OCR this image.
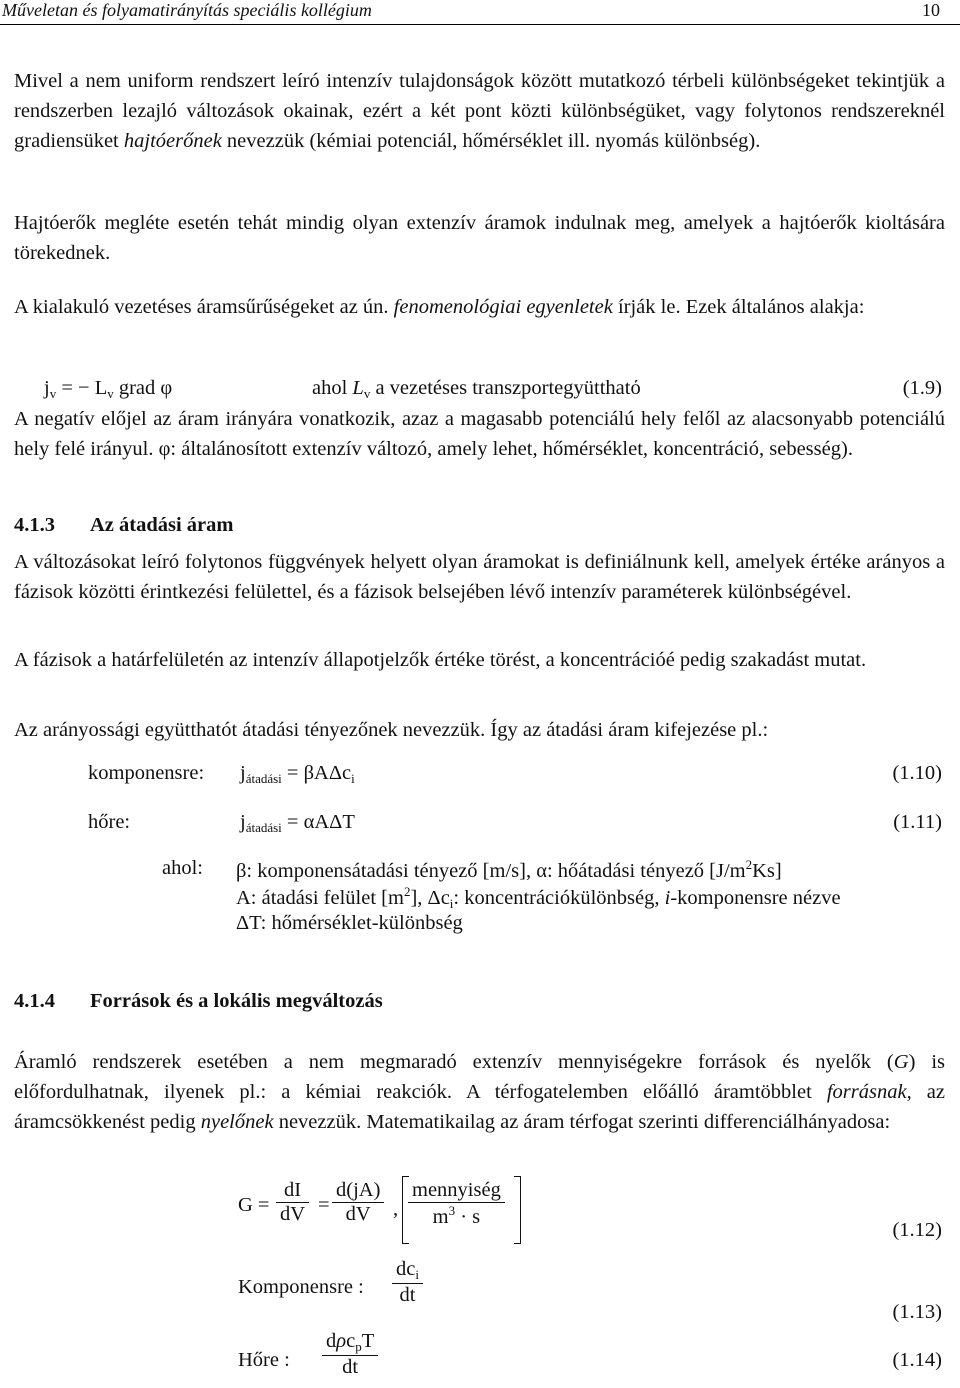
Műveletan és folyamatirányítás speciális kollégium	10

Mivel a nem uniform rendszert leíró intenzív tulajdonságok között mutatkozó térbeli különbségeket tekintjük a rendszerben lezajló változások okainak, ezért a két pont közti különbségüket, vagy folytonos rendszereknél gradiensüket hajtóerőnek nevezzük (kémiai potenciál, hőmérséklet ill. nyomás különbség).

Hajtóerők megléte esetén tehát mindig olyan extenzív áramok indulnak meg, amelyek a hajtóerők kioltására törekednek.

A kialakuló vezetéses áramsűrűségeket az ún. fenomenológiai egyenletek írják le. Ezek általános alakja:

$j_v$ = − $L_v$ grad φ	ahol $L_v$ a vezetéses transzportegyütthatό	(1.9)

A negatív előjel az áram irányára vonatkozik, azaz a magasabb potenciálú hely felől az alacsonyabb potenciálú hely felé irányul. φ: általánosított extenzív változó, amely lehet, hőmérséklet, koncentráció, sebesség).

4.1.3 Az átadási áram

A változásokat leíró folytonos függvények helyett olyan áramokat is definiálnunk kell, amelyek értéke arányos a fázisok közötti érintkezési felülettel, és a fázisok belsejében lévő intenzív paraméterek különbségével.

A fázisok a határfelületén az intenzív állapotjelzők értéke törést, a koncentrációé pedig szakadást mutat.

Az arányossági együtthatót átadási tényezőnek nevezzük. Így az átadási áram kifejezése pl.:

komponensre: $j_{átadási} = \beta A\Delta c_i$	(1.10)
hőre:	$j_{átadási} = \alpha A\Delta T$	(1.11)
ahol: β: komponensátadási tényező [m/s], α: hőátadási tényező $[J/m^2Ks]$
A: átadási felület $[m^2]$, $\Delta c_i$: koncentrációkülönbség, i-komponensre nézve
ΔT: hőmérséklet-különbség
4.1.4 Források és a lokális megváltozás

Áramló rendszerek esetében a nem megmaradó extenzív mennyiségekre források és nyelők (G) is előfordulhatnak, ilyenek pl.: a kémiai reakciók. A térfogatelemben előálló áramtöbblet forrásnak, az áramcsökkenést pedig nyelőnek nevezzük. Matematikailag az áram térfogat szerinti differenciálhányadosa:

$G = \frac{dI}{dV} = \frac{d(jA)}{dV}$ , $\frac{\text{mennyiség}}{m^3 \cdot s}$
(1.12)
Komponensre : $\frac{dc_i}{dt}$
(1.13)
Hőre : $\frac{d\rho c_pT}{dt}$	(1.14)
